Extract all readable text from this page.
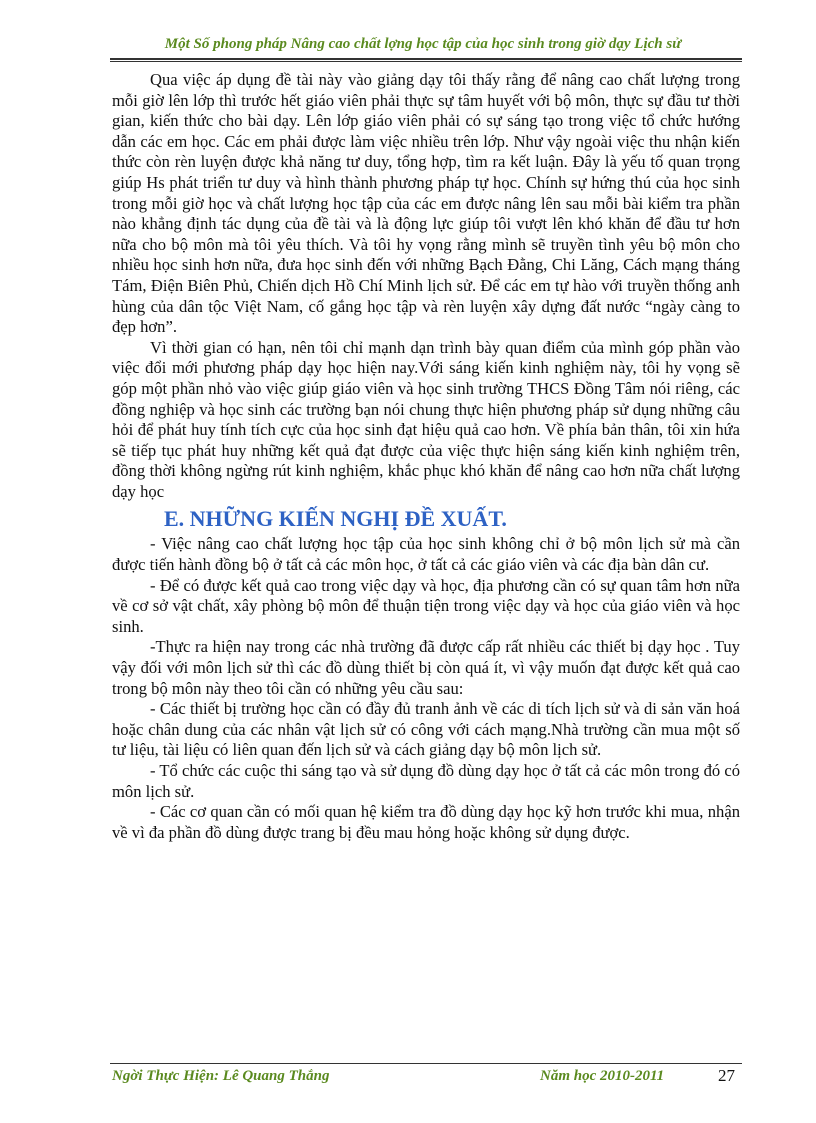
Một Số phong pháp Nâng cao chất lợng học tập của học sinh trong giờ dạy Lịch sử

Qua việc áp dụng đề tài này vào giảng dạy tôi thấy rằng để nâng cao chất lượng trong mỗi giờ lên lớp thì trước hết giáo viên phải thực sự tâm huyết với bộ môn, thực sự đầu tư thời gian, kiến thức cho bài dạy. Lên lớp giáo viên phải có sự sáng tạo trong việc tổ chức hướng dẫn các em học. Các em phải được làm việc nhiều trên lớp. Như vậy ngoài việc thu nhận kiến thức còn rèn luyện được khả năng tư duy, tổng hợp, tìm ra kết luận. Đây là yếu tố quan trọng giúp Hs phát triển tư duy và hình thành phương pháp tự học. Chính sự hứng thú của học sinh trong mỗi giờ học và chất lượng học tập của các em được nâng lên sau mỗi bài kiểm tra phần nào khẳng định tác dụng của đề tài và là động lực giúp tôi vượt lên khó khăn để đầu tư hơn nữa cho bộ môn mà tôi yêu thích. Và tôi hy vọng rằng mình sẽ truyền tình yêu bộ môn cho nhiều học sinh hơn nữa, đưa học sinh đến với những Bạch Đằng, Chi Lăng, Cách mạng tháng Tám, Điện Biên Phủ, Chiến dịch Hồ Chí Minh lịch sử. Để các em tự hào với truyền thống anh hùng của dân tộc Việt Nam, cố gắng học tập và rèn luyện xây dựng đất nước “ngày càng to đẹp hơn”.

Vì thời gian có hạn, nên tôi chỉ mạnh dạn trình bày quan điểm của mình góp phần vào việc đổi mới phương pháp dạy học hiện nay.Với sáng kiến kinh nghiệm này, tôi hy vọng sẽ góp một phần nhỏ vào việc giúp giáo viên và học sinh trường THCS Đồng Tâm nói riêng, các đồng nghiệp và học sinh các trường bạn nói chung thực hiện phương pháp sử dụng những câu hỏi để phát huy tính tích cực của học sinh đạt hiệu quả cao hơn. Về phía bản thân, tôi xin hứa sẽ tiếp tục phát huy những kết quả đạt được của việc thực hiện sáng kiến kinh nghiệm trên, đồng thời không ngừng rút kinh nghiệm, khắc phục khó khăn để nâng cao hơn nữa chất lượng dạy học

E. NHỮNG KIẾN NGHỊ ĐỀ XUẤT.

- Việc nâng cao chất lượng học tập của học sinh không chỉ ở bộ môn lịch sử mà cần được tiến hành đồng bộ ở tất cả các môn học, ở tất cả các giáo viên và các địa bàn dân cư.

- Để có được kết quả cao trong việc dạy và học, địa phương cần có sự quan tâm hơn nữa về cơ sở vật chất, xây phòng bộ môn để thuận tiện trong việc dạy và học của giáo viên và học sinh.

-Thực ra hiện nay trong các nhà trường đã được cấp rất nhiều các thiết bị dạy học . Tuy vậy đối với môn lịch sử thì các đồ dùng thiết bị còn quá ít, vì vậy muốn đạt được kết quả cao trong bộ môn này theo tôi cần có những yêu cầu sau:

- Các thiết bị trường học cần có đầy đủ tranh ảnh về các di tích lịch sử và di sản văn hoá hoặc chân dung của các nhân vật lịch sử có công với cách mạng.Nhà trường cần mua một số tư liệu, tài liệu có liên quan đến lịch sử và cách giảng dạy bộ môn lịch sử.

- Tổ chức các cuộc thi sáng tạo và sử dụng đồ dùng dạy học ở tất cả các môn trong đó có môn lịch sử.

- Các cơ quan cần có mối quan hệ kiểm tra đồ dùng dạy học kỹ hơn trước khi mua, nhận về vì đa phần đồ dùng được trang bị đều mau hỏng hoặc không sử dụng được.

Ngời Thực Hiện: Lê Quang Thắng	Năm học 2010-2011	27
